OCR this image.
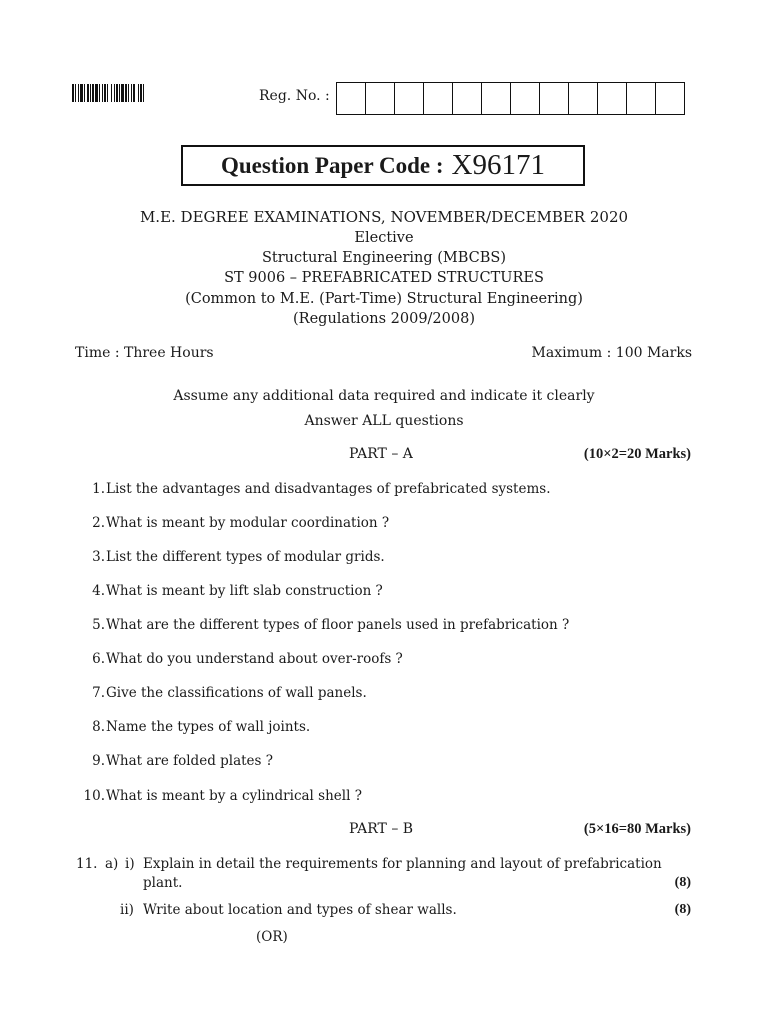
Reg. No. :
Question Paper Code : X96171
M.E. DEGREE EXAMINATIONS, NOVEMBER/DECEMBER 2020
Elective
Structural Engineering (MBCBS)
ST 9006 – PREFABRICATED STRUCTURES
(Common to M.E. (Part-Time) Structural Engineering)
(Regulations 2009/2008)
Time : Three Hours	Maximum : 100 Marks
Assume any additional data required and indicate it clearly
Answer ALL questions
PART – A	(10×2=20 Marks)
1. List the advantages and disadvantages of prefabricated systems.
2. What is meant by modular coordination ?
3. List the different types of modular grids.
4. What is meant by lift slab construction ?
5. What are the different types of floor panels used in prefabrication ?
6. What do you understand about over-roofs ?
7. Give the classifications of wall panels.
8. Name the types of wall joints.
9. What are folded plates ?
10. What is meant by a cylindrical shell ?
PART – B	(5×16=80 Marks)
11. a) i) Explain in detail the requirements for planning and layout of prefabrication
plant.	(8)
ii) Write about location and types of shear walls.	(8)
(OR)
